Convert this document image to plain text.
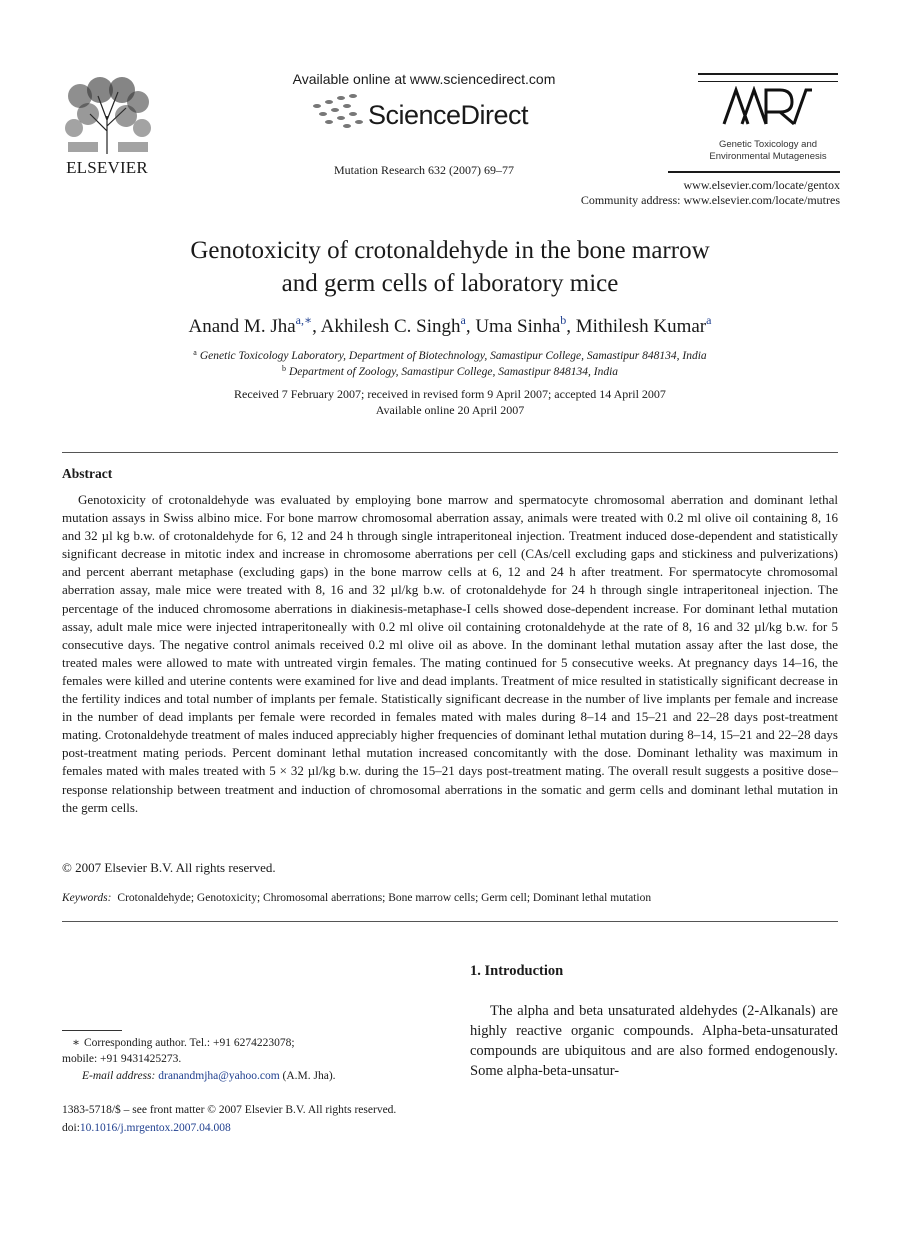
ELSEVIER
Available online at www.sciencedirect.com
ScienceDirect
Mutation Research 632 (2007) 69–77
Genetic Toxicology and
Environmental Mutagenesis
www.elsevier.com/locate/gentox
Community address: www.elsevier.com/locate/mutres
Genotoxicity of crotonaldehyde in the bone marrow
and germ cells of laboratory mice
Anand M. Jha$^{a,∗}$, Akhilesh C. Singh$^a$, Uma Sinha$^b$, Mithilesh Kumar$^a$
$^a$ Genetic Toxicology Laboratory, Department of Biotechnology, Samastipur College, Samastipur 848134, India
$^b$ Department of Zoology, Samastipur College, Samastipur 848134, India
Received 7 February 2007; received in revised form 9 April 2007; accepted 14 April 2007
Available online 20 April 2007
Abstract
Genotoxicity of crotonaldehyde was evaluated by employing bone marrow and spermatocyte chromosomal aberration and dominant lethal mutation assays in Swiss albino mice. For bone marrow chromosomal aberration assay, animals were treated with 0.2 ml olive oil containing 8, 16 and 32 µl kg b.w. of crotonaldehyde for 6, 12 and 24 h through single intraperitoneal injection. Treatment induced dose-dependent and statistically significant decrease in mitotic index and increase in chromosome aberrations per cell (CAs/cell excluding gaps and stickiness and pulverizations) and percent aberrant metaphase (excluding gaps) in the bone marrow cells at 6, 12 and 24 h after treatment. For spermatocyte chromosomal aberration assay, male mice were treated with 8, 16 and 32 µl/kg b.w. of crotonaldehyde for 24 h through single intraperitoneal injection. The percentage of the induced chromosome aberrations in diakinesis-metaphase-I cells showed dose-dependent increase. For dominant lethal mutation assay, adult male mice were injected intraperitoneally with 0.2 ml olive oil containing crotonaldehyde at the rate of 8, 16 and 32 µl/kg b.w. for 5 consecutive days. The negative control animals received 0.2 ml olive oil as above. In the dominant lethal mutation assay after the last dose, the treated males were allowed to mate with untreated virgin females. The mating continued for 5 consecutive weeks. At pregnancy days 14–16, the females were killed and uterine contents were examined for live and dead implants. Treatment of mice resulted in statistically significant decrease in the fertility indices and total number of implants per female. Statistically significant decrease in the number of live implants per female and increase in the number of dead implants per female were recorded in females mated with males during 8–14 and 15–21 and 22–28 days post-treatment mating. Crotonaldehyde treatment of males induced appreciably higher frequencies of dominant lethal mutation during 8–14, 15–21 and 22–28 days post-treatment mating periods. Percent dominant lethal mutation increased concomitantly with the dose. Dominant lethality was maximum in females mated with males treated with 5 × 32 µl/kg b.w. during the 15–21 days post-treatment mating. The overall result suggests a positive dose–response relationship between treatment and induction of chromosomal aberrations in the somatic and germ cells and dominant lethal mutation in the germ cells.
© 2007 Elsevier B.V. All rights reserved.
Keywords: Crotonaldehyde; Genotoxicity; Chromosomal aberrations; Bone marrow cells; Germ cell; Dominant lethal mutation
1. Introduction
The alpha and beta unsaturated aldehydes (2-Alkanals) are highly reactive organic compounds. Alpha-beta-unsaturated compounds are ubiquitous and are also formed endogenously. Some alpha-beta-unsatur-
∗ Corresponding author. Tel.: +91 6274223078;
mobile: +91 9431425273.
E-mail address: dranandmjha@yahoo.com (A.M. Jha).
1383-5718/$ – see front matter © 2007 Elsevier B.V. All rights reserved.
doi:10.1016/j.mrgentox.2007.04.008
